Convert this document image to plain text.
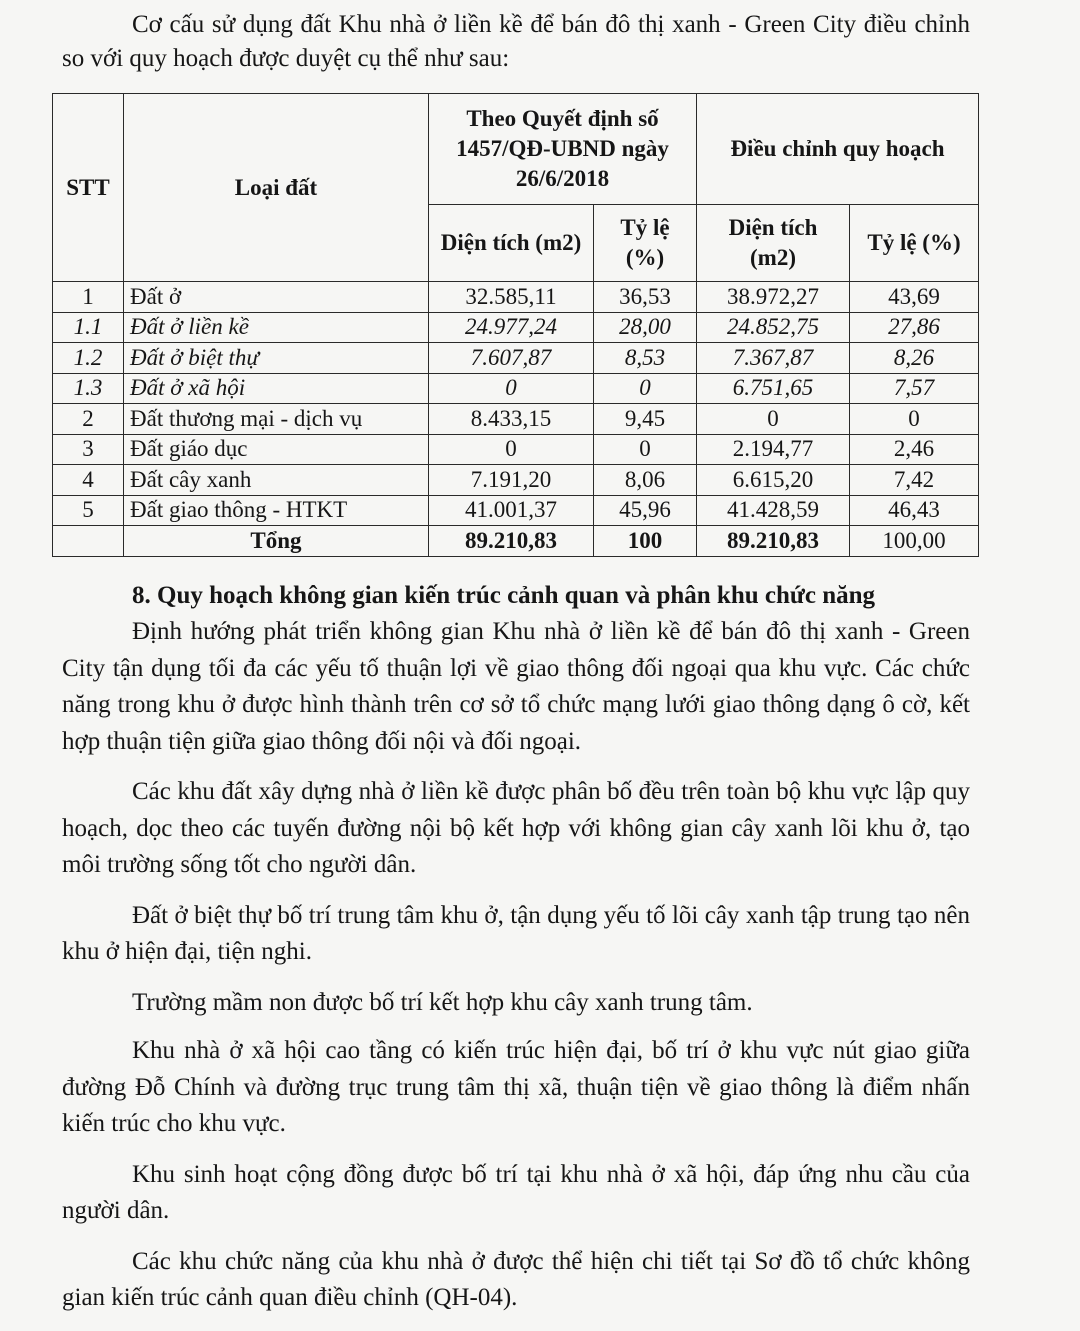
Cơ cấu sử dụng đất Khu nhà ở liền kề để bán đô thị xanh - Green City điều chỉnh so với quy hoạch được duyệt cụ thể như sau:

STT	Loại đất	Theo Quyết định số 1457/QĐ-UBND ngày 26/6/2018		Điều chỉnh quy hoạch	
		Diện tích (m2)	Tỷ lệ (%)	Diện tích (m2)	Tỷ lệ (%)
1	Đất ở	32.585,11	36,53	38.972,27	43,69
1.1	Đất ở liền kề	24.977,24	28,00	24.852,75	27,86
1.2	Đất ở biệt thự	7.607,87	8,53	7.367,87	8,26
1.3	Đất ở xã hội	0	0	6.751,65	7,57
2	Đất thương mại - dịch vụ	8.433,15	9,45	0	0
3	Đất giáo dục	0	0	2.194,77	2,46
4	Đất cây xanh	7.191,20	8,06	6.615,20	7,42
5	Đất giao thông - HTKT	41.001,37	45,96	41.428,59	46,43
	Tổng	89.210,83	100	89.210,83	100,00
8. Quy hoạch không gian kiến trúc cảnh quan và phân khu chức năng

Định hướng phát triển không gian Khu nhà ở liền kề để bán đô thị xanh - Green City tận dụng tối đa các yếu tố thuận lợi về giao thông đối ngoại qua khu vực. Các chức năng trong khu ở được hình thành trên cơ sở tổ chức mạng lưới giao thông dạng ô cờ, kết hợp thuận tiện giữa giao thông đối nội và đối ngoại.

Các khu đất xây dựng nhà ở liền kề được phân bố đều trên toàn bộ khu vực lập quy hoạch, dọc theo các tuyến đường nội bộ kết hợp với không gian cây xanh lõi khu ở, tạo môi trường sống tốt cho người dân.

Đất ở biệt thự bố trí trung tâm khu ở, tận dụng yếu tố lõi cây xanh tập trung tạo nên khu ở hiện đại, tiện nghi.

Trường mầm non được bố trí kết hợp khu cây xanh trung tâm.

Khu nhà ở xã hội cao tầng có kiến trúc hiện đại, bố trí ở khu vực nút giao giữa đường Đỗ Chính và đường trục trung tâm thị xã, thuận tiện về giao thông là điểm nhấn kiến trúc cho khu vực.

Khu sinh hoạt cộng đồng được bố trí tại khu nhà ở xã hội, đáp ứng nhu cầu của người dân.

Các khu chức năng của khu nhà ở được thể hiện chi tiết tại Sơ đồ tổ chức không gian kiến trúc cảnh quan điều chỉnh (QH-04).
